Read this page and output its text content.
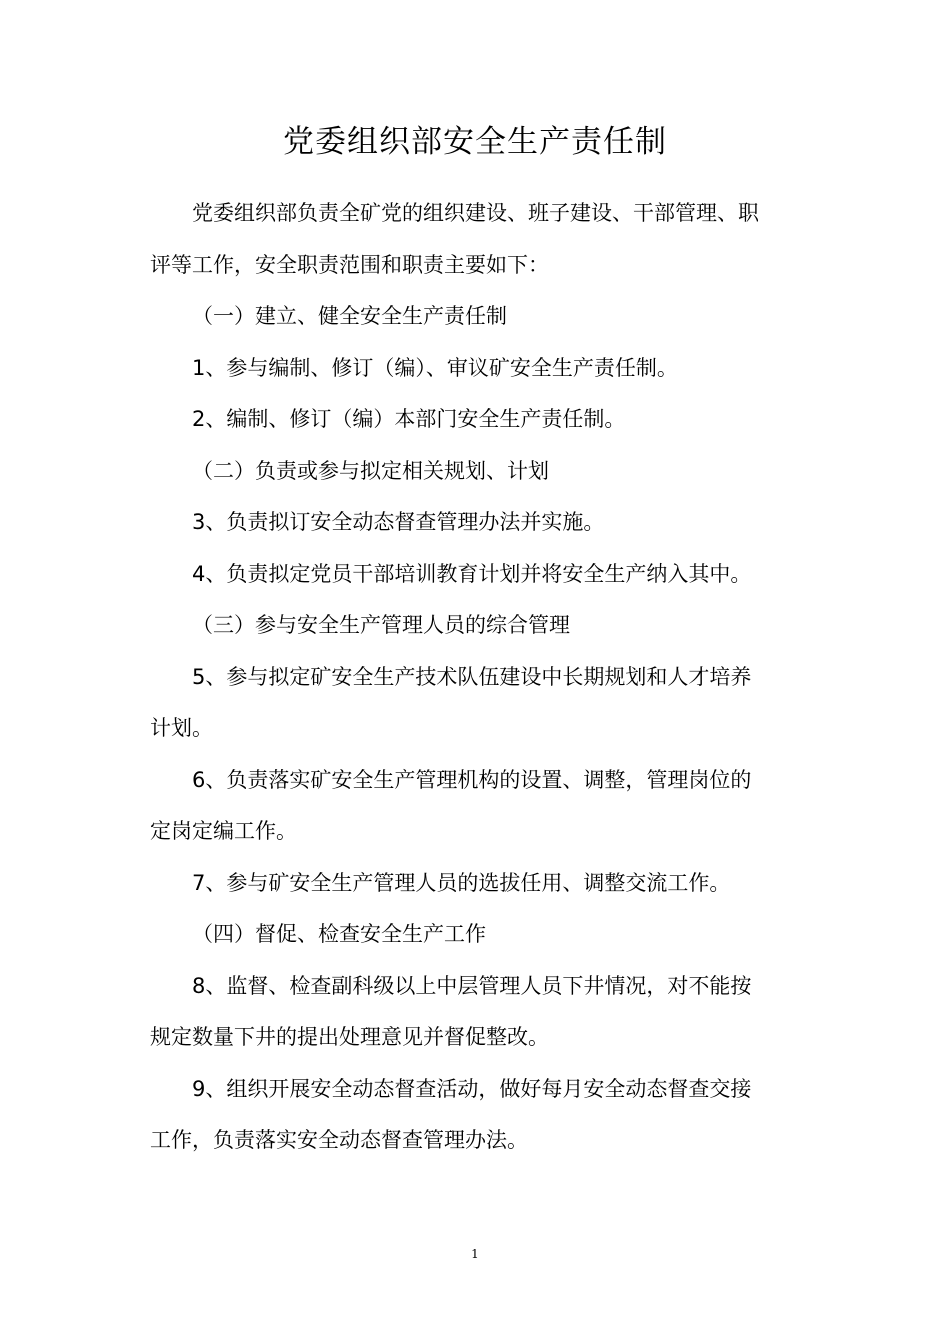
党委组织部安全生产责任制

党委组织部负责全矿党的组织建设、班子建设、干部管理、职

评等工作，安全职责范围和职责主要如下：

（一）建立、健全安全生产责任制

1、参与编制、修订（编）、审议矿安全生产责任制。

2、编制、修订（编）本部门安全生产责任制。

（二）负责或参与拟定相关规划、计划

3、负责拟订安全动态督查管理办法并实施。

4、负责拟定党员干部培训教育计划并将安全生产纳入其中。

（三）参与安全生产管理人员的综合管理

5、参与拟定矿安全生产技术队伍建设中长期规划和人才培养

计划。

6、负责落实矿安全生产管理机构的设置、调整，管理岗位的

定岗定编工作。

7、参与矿安全生产管理人员的选拔任用、调整交流工作。

（四）督促、检查安全生产工作

8、监督、检查副科级以上中层管理人员下井情况，对不能按

规定数量下井的提出处理意见并督促整改。

9、组织开展安全动态督查活动，做好每月安全动态督查交接

工作，负责落实安全动态督查管理办法。

1
